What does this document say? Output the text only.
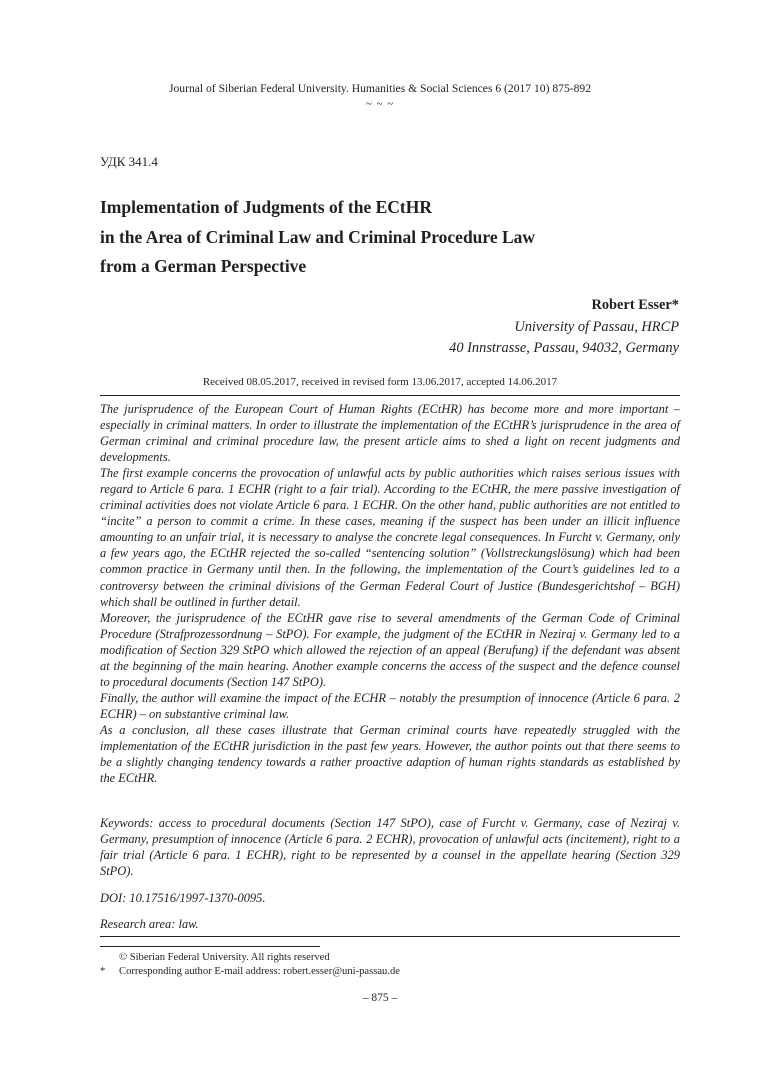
Journal of Siberian Federal University. Humanities & Social Sciences 6 (2017 10) 875-892
~ ~ ~
УДК 341.4
Implementation of Judgments of the ECtHR
in the Area of Criminal Law and Criminal Procedure Law
from a German Perspective
Robert Esser*
University of Passau, HRCP
40 Innstrasse, Passau, 94032, Germany
Received 08.05.2017, received in revised form 13.06.2017, accepted 14.06.2017

The jurisprudence of the European Court of Human Rights (ECtHR) has become more and more important – especially in criminal matters. In order to illustrate the implementation of the ECtHR’s jurisprudence in the area of German criminal and criminal procedure law, the present article aims to shed a light on recent judgments and developments.

The first example concerns the provocation of unlawful acts by public authorities which raises serious issues with regard to Article 6 para. 1 ECHR (right to a fair trial). According to the ECtHR, the mere passive investigation of criminal activities does not violate Article 6 para. 1 ECHR. On the other hand, public authorities are not entitled to “incite” a person to commit a crime. In these cases, meaning if the suspect has been under an illicit influence amounting to an unfair trial, it is necessary to analyse the concrete legal consequences. In Furcht v. Germany, only a few years ago, the ECtHR rejected the so-called “sentencing solution” (Vollstreckungslösung) which had been common practice in Germany until then. In the following, the implementation of the Court’s guidelines led to a controversy between the criminal divisions of the German Federal Court of Justice (Bundesgerichtshof – BGH) which shall be outlined in further detail.

Moreover, the jurisprudence of the ECtHR gave rise to several amendments of the German Code of Criminal Procedure (Strafprozessordnung – StPO). For example, the judgment of the ECtHR in Neziraj v. Germany led to a modification of Section 329 StPO which allowed the rejection of an appeal (Berufung) if the defendant was absent at the beginning of the main hearing. Another example concerns the access of the suspect and the defence counsel to procedural documents (Section 147 StPO).

Finally, the author will examine the impact of the ECHR – notably the presumption of innocence (Article 6 para. 2 ECHR) – on substantive criminal law.

As a conclusion, all these cases illustrate that German criminal courts have repeatedly struggled with the implementation of the ECtHR jurisdiction in the past few years. However, the author points out that there seems to be a slightly changing tendency towards a rather proactive adaption of human rights standards as established by the ECtHR.

Keywords: access to procedural documents (Section 147 StPO), case of Furcht v. Germany, case of Neziraj v. Germany, presumption of innocence (Article 6 para. 2 ECHR), provocation of unlawful acts (incitement), right to a fair trial (Article 6 para. 1 ECHR), right to be represented by a counsel in the appellate hearing (Section 329 StPO).

DOI: 10.17516/1997-1370-0095.

Research area: law.

© Siberian Federal University. All rights reserved
* Corresponding author E-mail address: robert.esser@uni-passau.de
– 875 –
